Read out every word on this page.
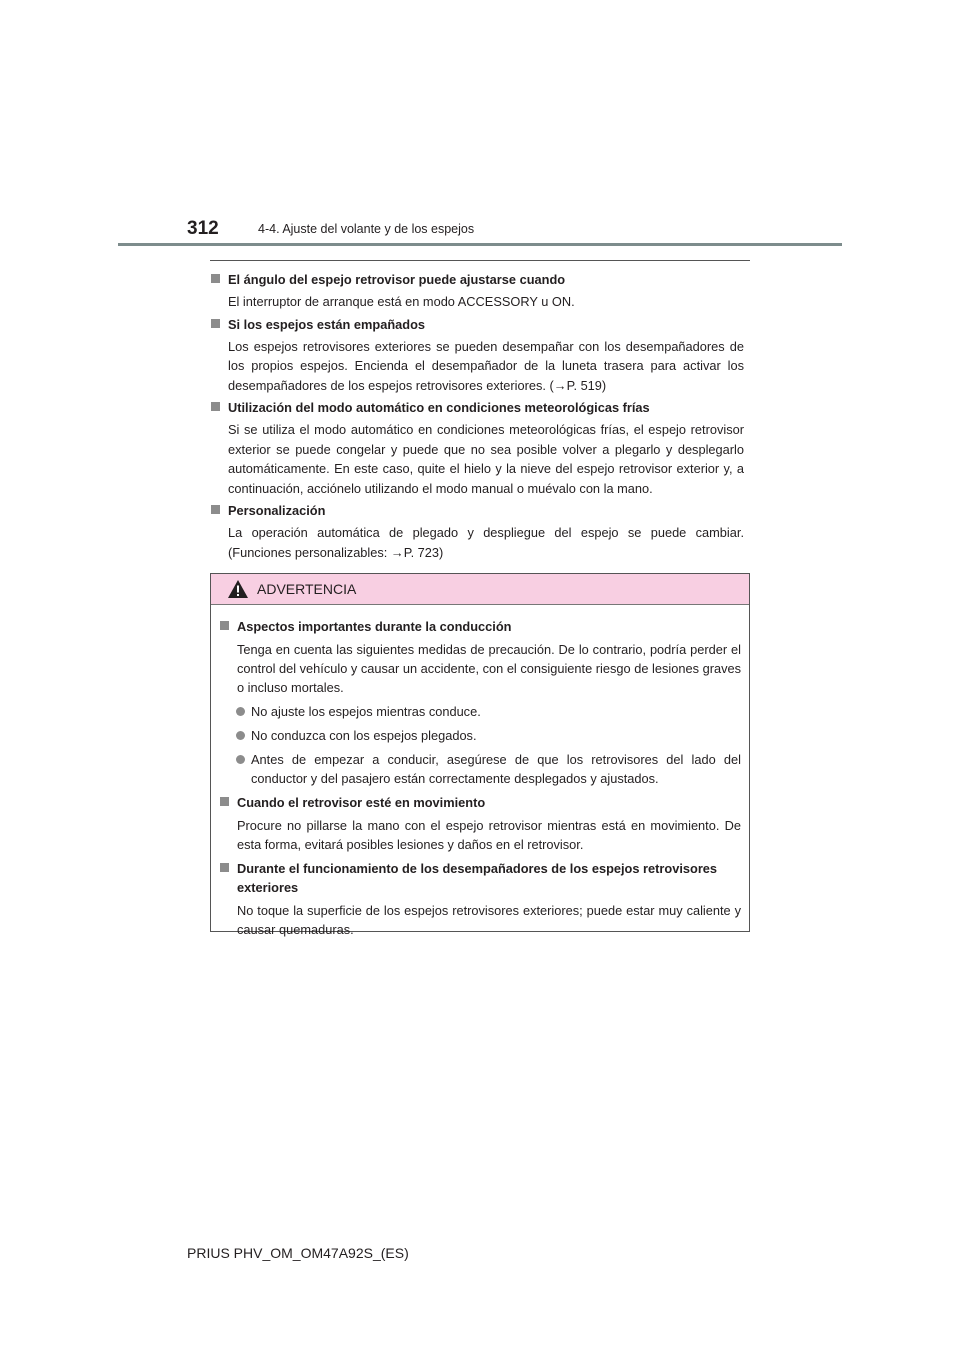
312	4-4. Ajuste del volante y de los espejos
El ángulo del espejo retrovisor puede ajustarse cuando
El interruptor de arranque está en modo ACCESSORY u ON.
Si los espejos están empañados
Los espejos retrovisores exteriores se pueden desempañar con los desempañadores de los propios espejos. Encienda el desempañador de la luneta trasera para activar los desempañadores de los espejos retrovisores exteriores. (→P. 519)
Utilización del modo automático en condiciones meteorológicas frías
Si se utiliza el modo automático en condiciones meteorológicas frías, el espejo retrovisor exterior se puede congelar y puede que no sea posible volver a plegarlo y desplegarlo automáticamente. En este caso, quite el hielo y la nieve del espejo retrovisor exterior y, a continuación, acciónelo utilizando el modo manual o muévalo con la mano.
Personalización
La operación automática de plegado y despliegue del espejo se puede cambiar. (Funciones personalizables: →P. 723)
ADVERTENCIA
Aspectos importantes durante la conducción
Tenga en cuenta las siguientes medidas de precaución. De lo contrario, podría perder el control del vehículo y causar un accidente, con el consiguiente riesgo de lesiones graves o incluso mortales.
No ajuste los espejos mientras conduce.
No conduzca con los espejos plegados.
Antes de empezar a conducir, asegúrese de que los retrovisores del lado del conductor y del pasajero están correctamente desplegados y ajustados.
Cuando el retrovisor esté en movimiento
Procure no pillarse la mano con el espejo retrovisor mientras está en movimiento. De esta forma, evitará posibles lesiones y daños en el retrovisor.
Durante el funcionamiento de los desempañadores de los espejos retrovisores exteriores
No toque la superficie de los espejos retrovisores exteriores; puede estar muy caliente y causar quemaduras.
PRIUS PHV_OM_OM47A92S_(ES)
